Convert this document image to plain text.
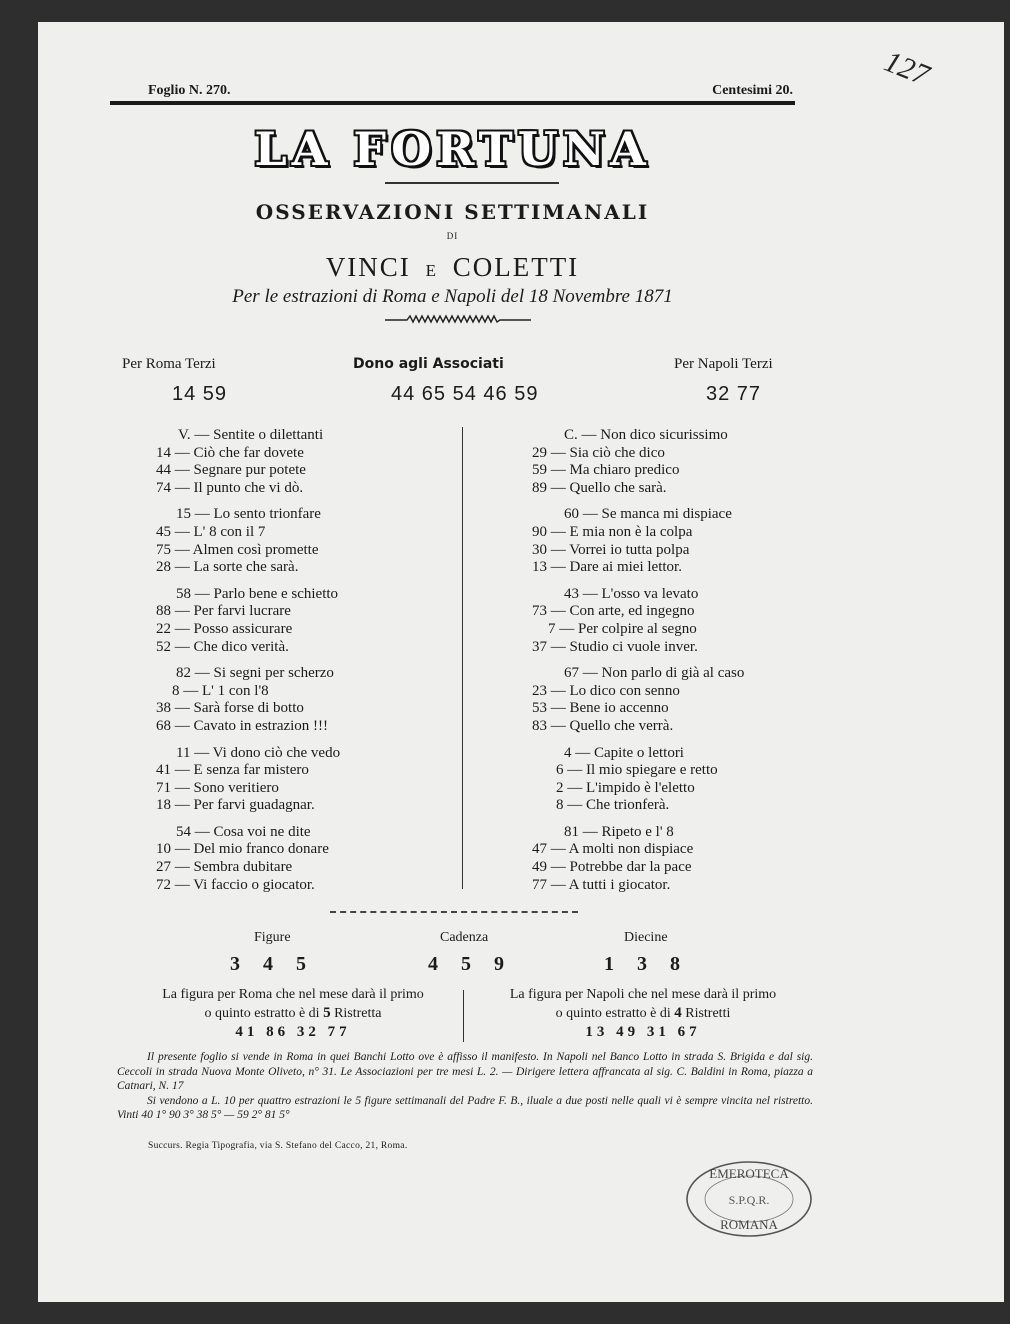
127
Foglio N. 270.	Centesimi 20.
LA FORTUNA
OSSERVAZIONI SETTIMANALI
DI
VINCI E COLETTI
Per le estrazioni di Roma e Napoli del 18 Novembre 1871
Per Roma Terzi	Dono agli Associati	Per Napoli Terzi
14 59	44 65 54 46 59	32 77
V. — Sentite o dilettanti
14 — Ciò che far dovete
44 — Segnare pur potete
74 — Il punto che vi dò.
15 — Lo sento trionfare
45 — L' 8 con il 7
75 — Almen così promette
28 — La sorte che sarà.
58 — Parlo bene e schietto
88 — Per farvi lucrare
22 — Posso assicurare
52 — Che dico verità.
82 — Si segni per scherzo
8 — L' 1 con l'8
38 — Sarà forse di botto
68 — Cavato in estrazion !!!
11 — Vi dono ciò che vedo
41 — E senza far mistero
71 — Sono veritiero
18 — Per farvi guadagnar.
54 — Cosa voi ne dite
10 — Del mio franco donare
27 — Sembra dubitare
72 — Vi faccio o giocator.
C. — Non dico sicurissimo
29 — Sia ciò che dico
59 — Ma chiaro predico
89 — Quello che sarà.
60 — Se manca mi dispiace
90 — E mia non è la colpa
30 — Vorrei io tutta polpa
13 — Dare ai miei lettor.
43 — L'osso va levato
73 — Con arte, ed ingegno
7 — Per colpire al segno
37 — Studio ci vuole inver.
67 — Non parlo di già al caso
23 — Lo dico con senno
53 — Bene io accenno
83 — Quello che verrà.
4 — Capite o lettori
6 — Il mio spiegare e retto
2 — L'impido è l'eletto
8 — Che trionferà.
81 — Ripeto e l' 8
47 — A molti non dispiace
49 — Potrebbe dar la pace
77 — A tutti i giocator.
Figure	Cadenza	Diecine
3 4 5	4 5 9	1 3 8
La figura per Roma che nel mese darà il primo
o quinto estratto è di 5 Ristretta
41 86 32 77
La figura per Napoli che nel mese darà il primo
o quinto estratto è di 4 Ristretti
13 49 31 67
Il presente foglio si vende in Roma in quei Banchi Lotto ove è affisso il manifesto. In Napoli nel Banco Lotto in strada S. Brigida e dal sig. Ceccoli in strada Nuova Monte Oliveto, n° 31. Le Associazioni per tre mesi L. 2. — Dirigere lettera affrancata al sig. C. Baldini in Roma, piazza a Catnari, N. 17
Si vendono a L. 10 per quattro estrazioni le 5 figure settimanali del Padre F. B., iluale a due posti nelle quali vi è sempre vincita nel ristretto. Vinti 40 1° 90 3° 38 5° — 59 2° 81 5°
Succurs. Regia Tipografia, via S. Stefano del Cacco, 21, Roma.
EMEROTECA
S.P.Q.R.
ROMANA
